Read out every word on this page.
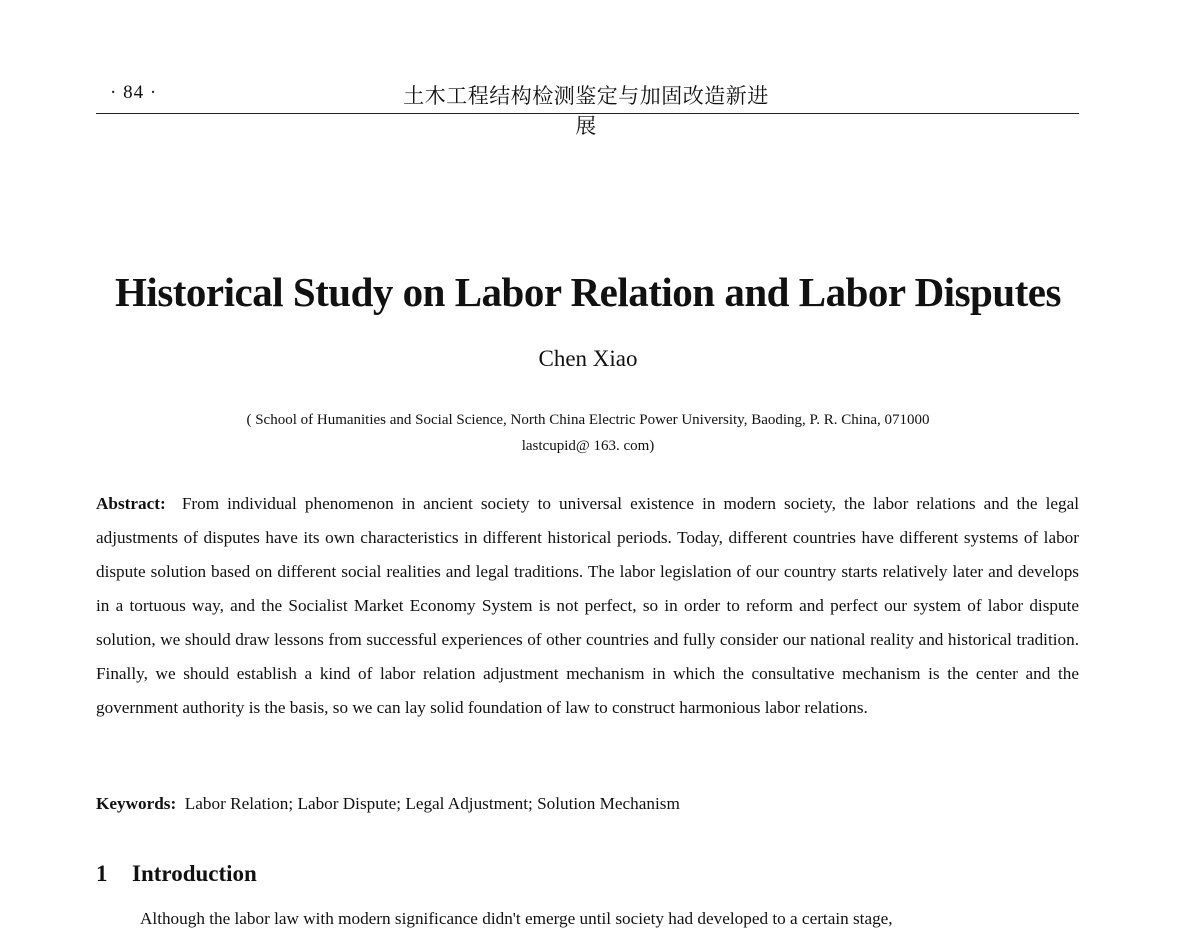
· 84 ·	土木工程结构检测鉴定与加固改造新进展
Historical Study on Labor Relation and Labor Disputes
Chen Xiao
( School of Humanities and Social Science, North China Electric Power University, Baoding, P. R. China, 071000
lastcupid@ 163. com)

Abstract: From individual phenomenon in ancient society to universal existence in modern society, the labor relations and the legal adjustments of disputes have its own characteristics in different historical periods. Today, different countries have different systems of labor dispute solution based on different social realities and legal traditions. The labor legislation of our country starts relatively later and develops in a tortuous way, and the Socialist Market Economy System is not perfect, so in order to reform and perfect our system of labor dispute solution, we should draw lessons from successful experiences of other countries and fully consider our national reality and historical tradition. Finally, we should establish a kind of labor relation adjustment mechanism in which the consultative mechanism is the center and the government authority is the basis, so we can lay solid foundation of law to construct harmonious labor relations.

Keywords: Labor Relation; Labor Dispute; Legal Adjustment; Solution Mechanism
1 Introduction

Although the labor law with modern significance didn't emerge until society had developed to a certain stage,
